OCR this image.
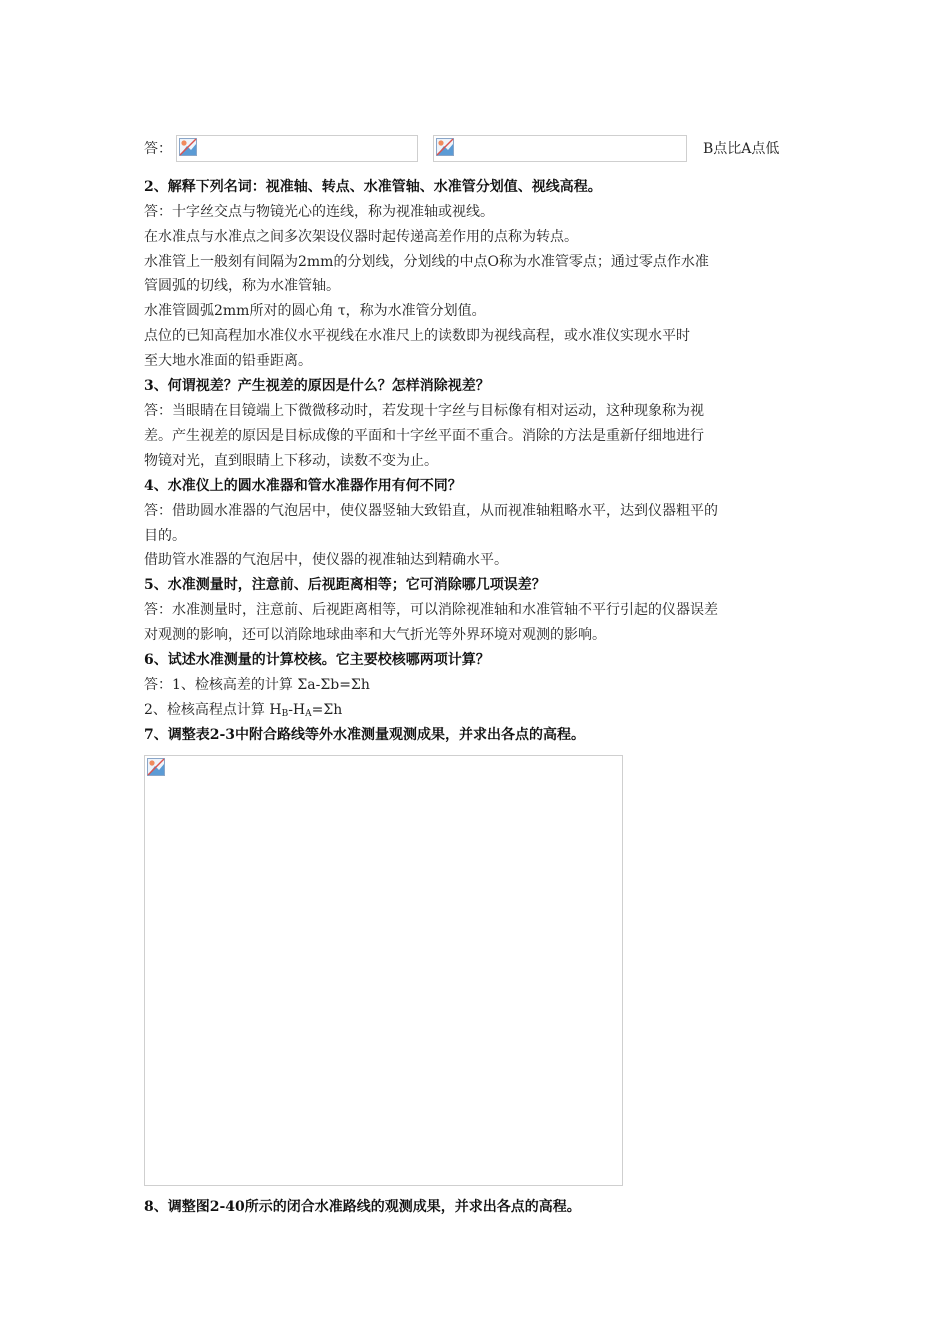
答：	B点比A点低
2、解释下列名词：视准轴、转点、水准管轴、水准管分划值、视线高程。
答：十字丝交点与物镜光心的连线，称为视准轴或视线。
在水准点与水准点之间多次架设仪器时起传递高差作用的点称为转点。
水准管上一般刻有间隔为2mm的分划线，分划线的中点O称为水准管零点；通过零点作水准
管圆弧的切线，称为水准管轴。
水准管圆弧2mm所对的圆心角 τ，称为水准管分划值。
点位的已知高程加水准仪水平视线在水准尺上的读数即为视线高程，或水准仪实现水平时
至大地水准面的铅垂距离。
3、何谓视差？产生视差的原因是什么？怎样消除视差？
答：当眼睛在目镜端上下微微移动时，若发现十字丝与目标像有相对运动，这种现象称为视
差。产生视差的原因是目标成像的平面和十字丝平面不重合。消除的方法是重新仔细地进行
物镜对光，直到眼睛上下移动，读数不变为止。
4、水准仪上的圆水准器和管水准器作用有何不同？
答：借助圆水准器的气泡居中，使仪器竖轴大致铅直，从而视准轴粗略水平，达到仪器粗平的
目的。
借助管水准器的气泡居中，使仪器的视准轴达到精确水平。
5、水准测量时，注意前、后视距离相等；它可消除哪几项误差？
答：水准测量时，注意前、后视距离相等，可以消除视准轴和水准管轴不平行引起的仪器误差
对观测的影响，还可以消除地球曲率和大气折光等外界环境对观测的影响。
6、试述水准测量的计算校核。它主要校核哪两项计算？
答：1、检核高差的计算 Σa-Σb=Σh
2、检核高程点计算 $H_B-H_A=\Sigma h$
7、调整表2-3中附合路线等外水准测量观测成果，并求出各点的高程。
8、调整图2-40所示的闭合水准路线的观测成果，并求出各点的高程。
